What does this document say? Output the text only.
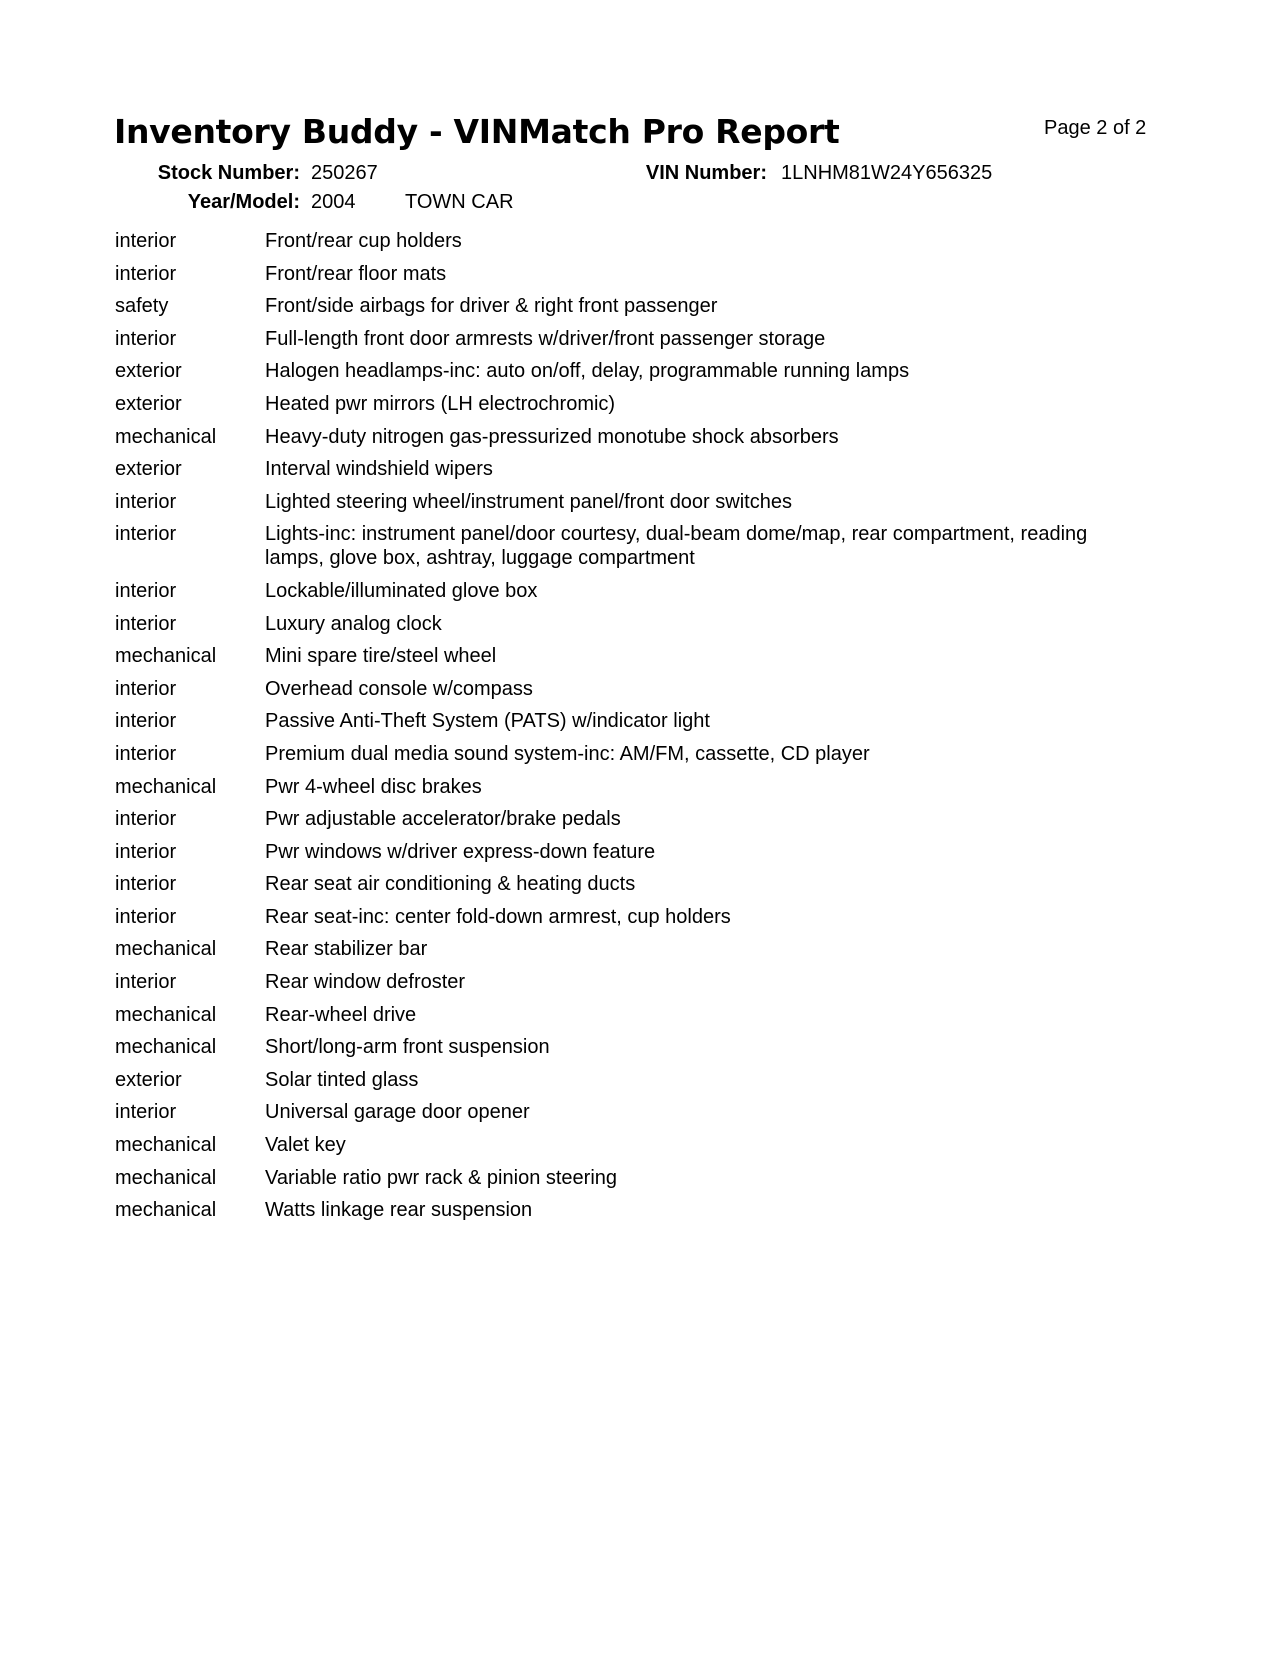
Inventory Buddy - VINMatch Pro Report	Page 2 of 2
Stock Number: 250267	VIN Number: 1LNHM81W24Y656325
Year/Model: 2004 TOWN CAR
interior	Front/rear cup holders
interior	Front/rear floor mats
safety	Front/side airbags for driver & right front passenger
interior	Full-length front door armrests w/driver/front passenger storage
exterior	Halogen headlamps-inc: auto on/off, delay, programmable running lamps
exterior	Heated pwr mirrors (LH electrochromic)
mechanical	Heavy-duty nitrogen gas-pressurized monotube shock absorbers
exterior	Interval windshield wipers
interior	Lighted steering wheel/instrument panel/front door switches
interior	Lights-inc: instrument panel/door courtesy, dual-beam dome/map, rear compartment, reading lamps, glove box, ashtray, luggage compartment
interior	Lockable/illuminated glove box
interior	Luxury analog clock
mechanical	Mini spare tire/steel wheel
interior	Overhead console w/compass
interior	Passive Anti-Theft System (PATS) w/indicator light
interior	Premium dual media sound system-inc: AM/FM, cassette, CD player
mechanical	Pwr 4-wheel disc brakes
interior	Pwr adjustable accelerator/brake pedals
interior	Pwr windows w/driver express-down feature
interior	Rear seat air conditioning & heating ducts
interior	Rear seat-inc: center fold-down armrest, cup holders
mechanical	Rear stabilizer bar
interior	Rear window defroster
mechanical	Rear-wheel drive
mechanical	Short/long-arm front suspension
exterior	Solar tinted glass
interior	Universal garage door opener
mechanical	Valet key
mechanical	Variable ratio pwr rack & pinion steering
mechanical	Watts linkage rear suspension
